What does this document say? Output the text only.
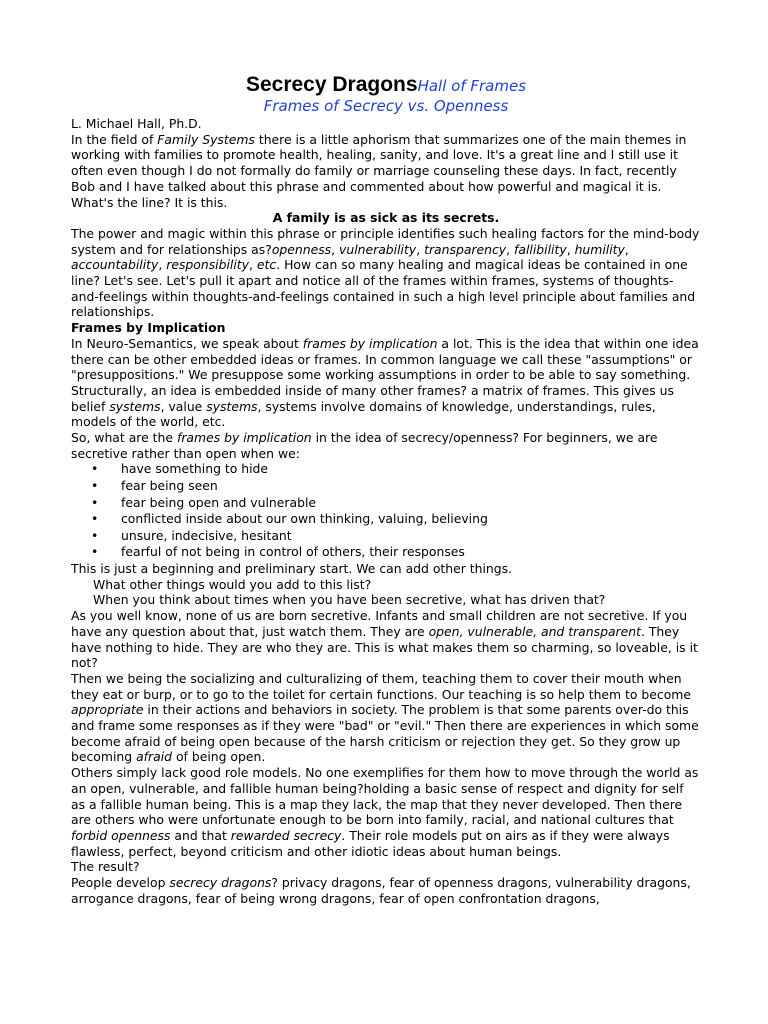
Secrecy DragonsHall of Frames
Frames of Secrecy vs. Openness

L. Michael Hall, Ph.D.

In the field of Family Systems there is a little aphorism that summarizes one of the main themes in working with families to promote health, healing, sanity, and love. It's a great line and I still use it often even though I do not formally do family or marriage counseling these days. In fact, recently Bob and I have talked about this phrase and commented about how powerful and magical it is. What's the line? It is this.

A family is as sick as its secrets.

The power and magic within this phrase or principle identifies such healing factors for the mind-body system and for relationships as?openness, vulnerability, transparency, fallibility, humility, accountability, responsibility, etc. How can so many healing and magical ideas be contained in one line? Let's see. Let's pull it apart and notice all of the frames within frames, systems of thoughts-and-feelings within thoughts-and-feelings contained in such a high level principle about families and relationships.

Frames by Implication

In Neuro-Semantics, we speak about frames by implication a lot. This is the idea that within one idea there can be other embedded ideas or frames. In common language we call these "assumptions" or "presuppositions." We presuppose some working assumptions in order to be able to say something. Structurally, an idea is embedded inside of many other frames? a matrix of frames. This gives us belief systems, value systems, systems involve domains of knowledge, understandings, rules, models of the world, etc.

So, what are the frames by implication in the idea of secrecy/openness? For beginners, we are secretive rather than open when we:

• have something to hide
• fear being seen
• fear being open and vulnerable
• conflicted inside about our own thinking, valuing, believing
• unsure, indecisive, hesitant
• fearful of not being in control of others, their responses

This is just a beginning and preliminary start. We can add other things.

What other things would you add to this list?

When you think about times when you have been secretive, what has driven that?

As you well know, none of us are born secretive. Infants and small children are not secretive. If you have any question about that, just watch them. They are open, vulnerable, and transparent. They have nothing to hide. They are who they are. This is what makes them so charming, so loveable, is it not?

Then we being the socializing and culturalizing of them, teaching them to cover their mouth when they eat or burp, or to go to the toilet for certain functions. Our teaching is so help them to become appropriate in their actions and behaviors in society. The problem is that some parents over-do this and frame some responses as if they were "bad" or "evil." Then there are experiences in which some become afraid of being open because of the harsh criticism or rejection they get. So they grow up becoming afraid of being open.

Others simply lack good role models. No one exemplifies for them how to move through the world as an open, vulnerable, and fallible human being?holding a basic sense of respect and dignity for self as a fallible human being. This is a map they lack, the map that they never developed. Then there are others who were unfortunate enough to be born into family, racial, and national cultures that forbid openness and that rewarded secrecy. Their role models put on airs as if they were always flawless, perfect, beyond criticism and other idiotic ideas about human beings.

The result?

People develop secrecy dragons? privacy dragons, fear of openness dragons, vulnerability dragons, arrogance dragons, fear of being wrong dragons, fear of open confrontation dragons,
